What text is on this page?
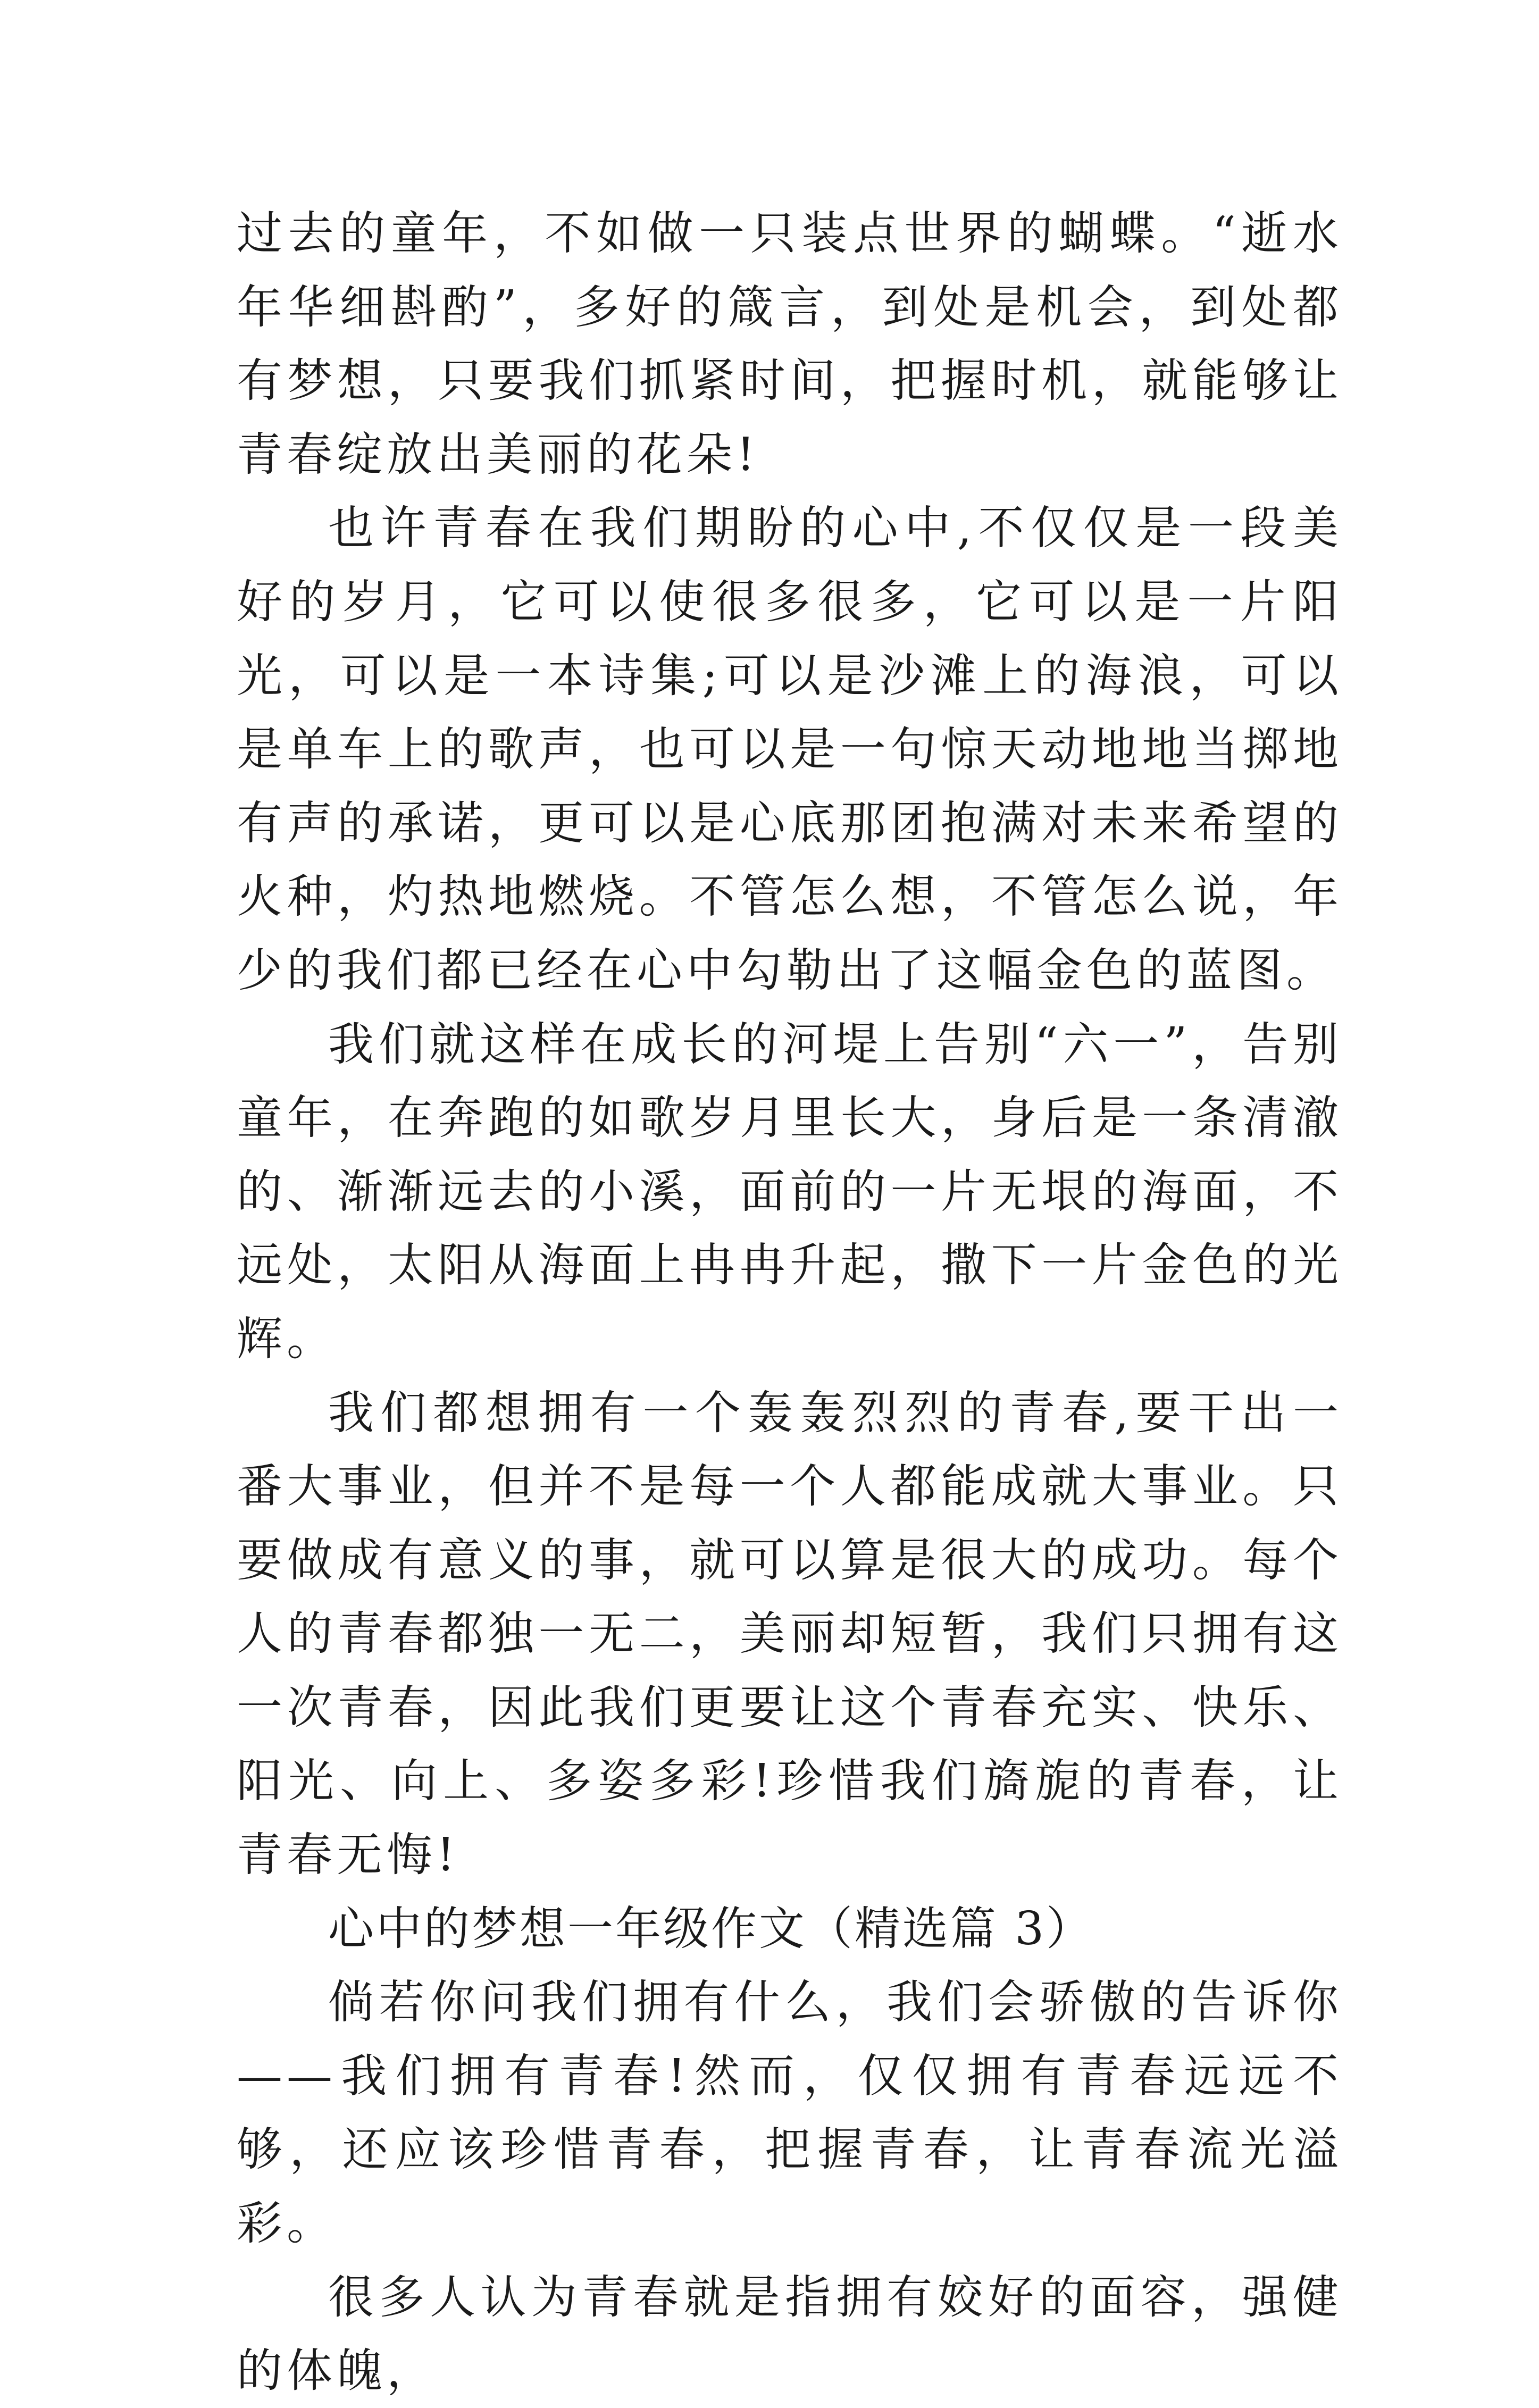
过去的童年，不如做一只装点世界的蝴蝶。“逝水年华细斟酌”，多好的箴言，到处是机会，到处都有梦想，只要我们抓紧时间，把握时机，就能够让青春绽放出美丽的花朵!

也许青春在我们期盼的心中,不仅仅是一段美好的岁月，它可以使很多很多，它可以是一片阳光，可以是一本诗集;可以是沙滩上的海浪，可以是单车上的歌声，也可以是一句惊天动地地当掷地有声的承诺，更可以是心底那团抱满对未来希望的火种，灼热地燃烧。不管怎么想，不管怎么说，年少的我们都已经在心中勾勒出了这幅金色的蓝图。

我们就这样在成长的河堤上告别“六一”，告别童年，在奔跑的如歌岁月里长大，身后是一条清澈的、渐渐远去的小溪，面前的一片无垠的海面，不远处，太阳从海面上冉冉升起，撒下一片金色的光辉。

我们都想拥有一个轰轰烈烈的青春,要干出一番大事业，但并不是每一个人都能成就大事业。只要做成有意义的事，就可以算是很大的成功。每个人的青春都独一无二，美丽却短暂，我们只拥有这一次青春，因此我们更要让这个青春充实、快乐、阳光、向上、多姿多彩!珍惜我们旖旎的青春，让青春无悔!

心中的梦想一年级作文（精选篇 3）

倘若你问我们拥有什么，我们会骄傲的告诉你——我们拥有青春!然而，仅仅拥有青春远远不够，还应该珍惜青春，把握青春，让青春流光溢彩。

很多人认为青春就是指拥有姣好的面容，强健的体魄，
